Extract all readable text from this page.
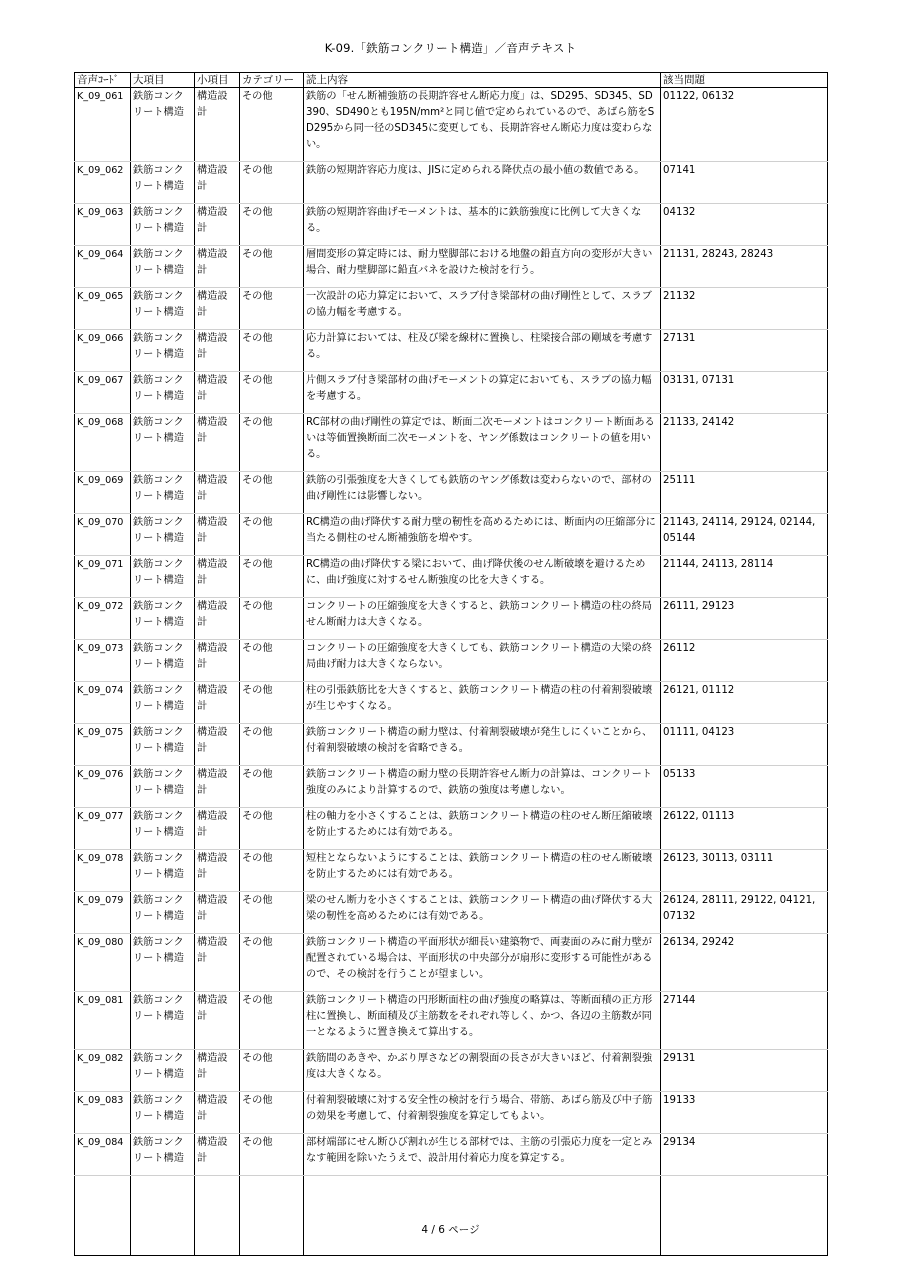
K-09.「鉄筋コンクリート構造」／音声テキスト
音声ｺｰﾄﾞ	大項目	小項目	カテゴリー	読上内容	該当問題
K_09_061	鉄筋コンクリート構造	構造設計	その他	鉄筋の「せん断補強筋の長期許容せん断応力度」は、SD295、SD345、SD390、SD490とも195N/mm²と同じ値で定められているので、あばら筋をSD295から同一径のSD345に変更しても、長期許容せん断応力度は変わらない。	01122, 06132
K_09_062	鉄筋コンクリート構造	構造設計	その他	鉄筋の短期許容応力度は、JISに定められる降伏点の最小値の数値である。	07141
K_09_063	鉄筋コンクリート構造	構造設計	その他	鉄筋の短期許容曲げモーメントは、基本的に鉄筋強度に比例して大きくなる。	04132
K_09_064	鉄筋コンクリート構造	構造設計	その他	層間変形の算定時には、耐力壁脚部における地盤の鉛直方向の変形が大きい場合、耐力壁脚部に鉛直バネを設けた検討を行う。	21131, 28243, 28243
K_09_065	鉄筋コンクリート構造	構造設計	その他	一次設計の応力算定において、スラブ付き梁部材の曲げ剛性として、スラブの協力幅を考慮する。	21132
K_09_066	鉄筋コンクリート構造	構造設計	その他	応力計算においては、柱及び梁を線材に置換し、柱梁接合部の剛域を考慮する。	27131
K_09_067	鉄筋コンクリート構造	構造設計	その他	片側スラブ付き梁部材の曲げモーメントの算定においても、スラブの協力幅を考慮する。	03131, 07131
K_09_068	鉄筋コンクリート構造	構造設計	その他	RC部材の曲げ剛性の算定では、断面二次モーメントはコンクリート断面あるいは等価置換断面二次モーメントを、ヤング係数はコンクリートの値を用いる。	21133, 24142
K_09_069	鉄筋コンクリート構造	構造設計	その他	鉄筋の引張強度を大きくしても鉄筋のヤング係数は変わらないので、部材の曲げ剛性には影響しない。	25111
K_09_070	鉄筋コンクリート構造	構造設計	その他	RC構造の曲げ降伏する耐力壁の靭性を高めるためには、断面内の圧縮部分に当たる側柱のせん断補強筋を増やす。	21143, 24114, 29124, 02144, 05144
K_09_071	鉄筋コンクリート構造	構造設計	その他	RC構造の曲げ降伏する梁において、曲げ降伏後のせん断破壊を避けるために、曲げ強度に対するせん断強度の比を大きくする。	21144, 24113, 28114
K_09_072	鉄筋コンクリート構造	構造設計	その他	コンクリートの圧縮強度を大きくすると、鉄筋コンクリート構造の柱の終局せん断耐力は大きくなる。	26111, 29123
K_09_073	鉄筋コンクリート構造	構造設計	その他	コンクリートの圧縮強度を大きくしても、鉄筋コンクリート構造の大梁の終局曲げ耐力は大きくならない。	26112
K_09_074	鉄筋コンクリート構造	構造設計	その他	柱の引張鉄筋比を大きくすると、鉄筋コンクリート構造の柱の付着割裂破壊が生じやすくなる。	26121, 01112
K_09_075	鉄筋コンクリート構造	構造設計	その他	鉄筋コンクリート構造の耐力壁は、付着割裂破壊が発生しにくいことから、付着割裂破壊の検討を省略できる。	01111, 04123
K_09_076	鉄筋コンクリート構造	構造設計	その他	鉄筋コンクリート構造の耐力壁の長期許容せん断力の計算は、コンクリート強度のみにより計算するので、鉄筋の強度は考慮しない。	05133
K_09_077	鉄筋コンクリート構造	構造設計	その他	柱の軸力を小さくすることは、鉄筋コンクリート構造の柱のせん断圧縮破壊を防止するためには有効である。	26122, 01113
K_09_078	鉄筋コンクリート構造	構造設計	その他	短柱とならないようにすることは、鉄筋コンクリート構造の柱のせん断破壊を防止するためには有効である。	26123, 30113, 03111
K_09_079	鉄筋コンクリート構造	構造設計	その他	梁のせん断力を小さくすることは、鉄筋コンクリート構造の曲げ降伏する大梁の靭性を高めるためには有効である。	26124, 28111, 29122, 04121, 07132
K_09_080	鉄筋コンクリート構造	構造設計	その他	鉄筋コンクリート構造の平面形状が細長い建築物で、両妻面のみに耐力壁が配置されている場合は、平面形状の中央部分が扇形に変形する可能性があるので、その検討を行うことが望ましい。	26134, 29242
K_09_081	鉄筋コンクリート構造	構造設計	その他	鉄筋コンクリート構造の円形断面柱の曲げ強度の略算は、等断面積の正方形柱に置換し、断面積及び主筋数をそれぞれ等しく、かつ、各辺の主筋数が同一となるように置き換えて算出する。	27144
K_09_082	鉄筋コンクリート構造	構造設計	その他	鉄筋間のあきや、かぶり厚さなどの割裂面の長さが大きいほど、付着割裂強度は大きくなる。	29131
K_09_083	鉄筋コンクリート構造	構造設計	その他	付着割裂破壊に対する安全性の検討を行う場合、帯筋、あばら筋及び中子筋の効果を考慮して、付着割裂強度を算定してもよい。	19133
K_09_084	鉄筋コンクリート構造	構造設計	その他	部材端部にせん断ひび割れが生じる部材では、主筋の引張応力度を一定とみなす範囲を除いたうえで、設計用付着応力度を算定する。	29134

4 / 6 ページ
